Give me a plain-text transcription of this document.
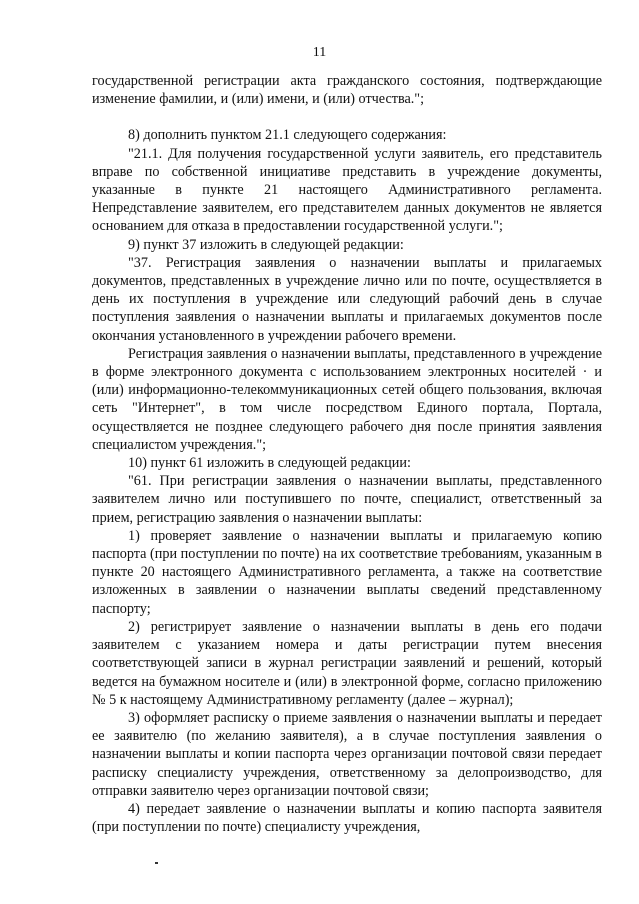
11

государственной регистрации акта гражданского состояния, подтверждающие изменение фамилии, и (или) имени, и (или) отчества.";

8) дополнить пунктом 21.1 следующего содержания:

"21.1. Для получения государственной услуги заявитель, его представитель вправе по собственной инициативе представить в учреждение документы, указанные в пункте 21 настоящего Административного регламента. Непредставление заявителем, его представителем данных документов не является основанием для отказа в предоставлении государственной услуги.";

9) пункт 37 изложить в следующей редакции:

"37. Регистрация заявления о назначении выплаты и прилагаемых документов, представленных в учреждение лично или по почте, осуществляется в день их поступления в учреждение или следующий рабочий день в случае поступления заявления о назначении выплаты и прилагаемых документов после окончания установленного в учреждении рабочего времени.

Регистрация заявления о назначении выплаты, представленного в учреждение в форме электронного документа с использованием электронных носителей · и (или) информационно-телекоммуникационных сетей общего пользования, включая сеть "Интернет", в том числе посредством Единого портала, Портала, осуществляется не позднее следующего рабочего дня после принятия заявления специалистом учреждения.";

10) пункт 61 изложить в следующей редакции:

"61. При регистрации заявления о назначении выплаты, представленного заявителем лично или поступившего по почте, специалист, ответственный за прием, регистрацию заявления о назначении выплаты:

1) проверяет заявление о назначении выплаты и прилагаемую копию паспорта (при поступлении по почте) на их соответствие требованиям, указанным в пункте 20 настоящего Административного регламента, а также на соответствие изложенных в заявлении о назначении выплаты сведений представленному паспорту;

2) регистрирует заявление о назначении выплаты в день его подачи заявителем с указанием номера и даты регистрации путем внесения соответствующей записи в журнал регистрации заявлений и решений, который ведется на бумажном носителе и (или) в электронной форме, согласно приложению № 5 к настоящему Административному регламенту (далее – журнал);

3) оформляет расписку о приеме заявления о назначении выплаты и передает ее заявителю (по желанию заявителя), а в случае поступления заявления о назначении выплаты и копии паспорта через организации почтовой связи передает расписку специалисту учреждения, ответственному за делопроизводство, для отправки заявителю через организации почтовой связи;

4) передает заявление о назначении выплаты и копию паспорта заявителя (при поступлении по почте) специалисту учреждения,
